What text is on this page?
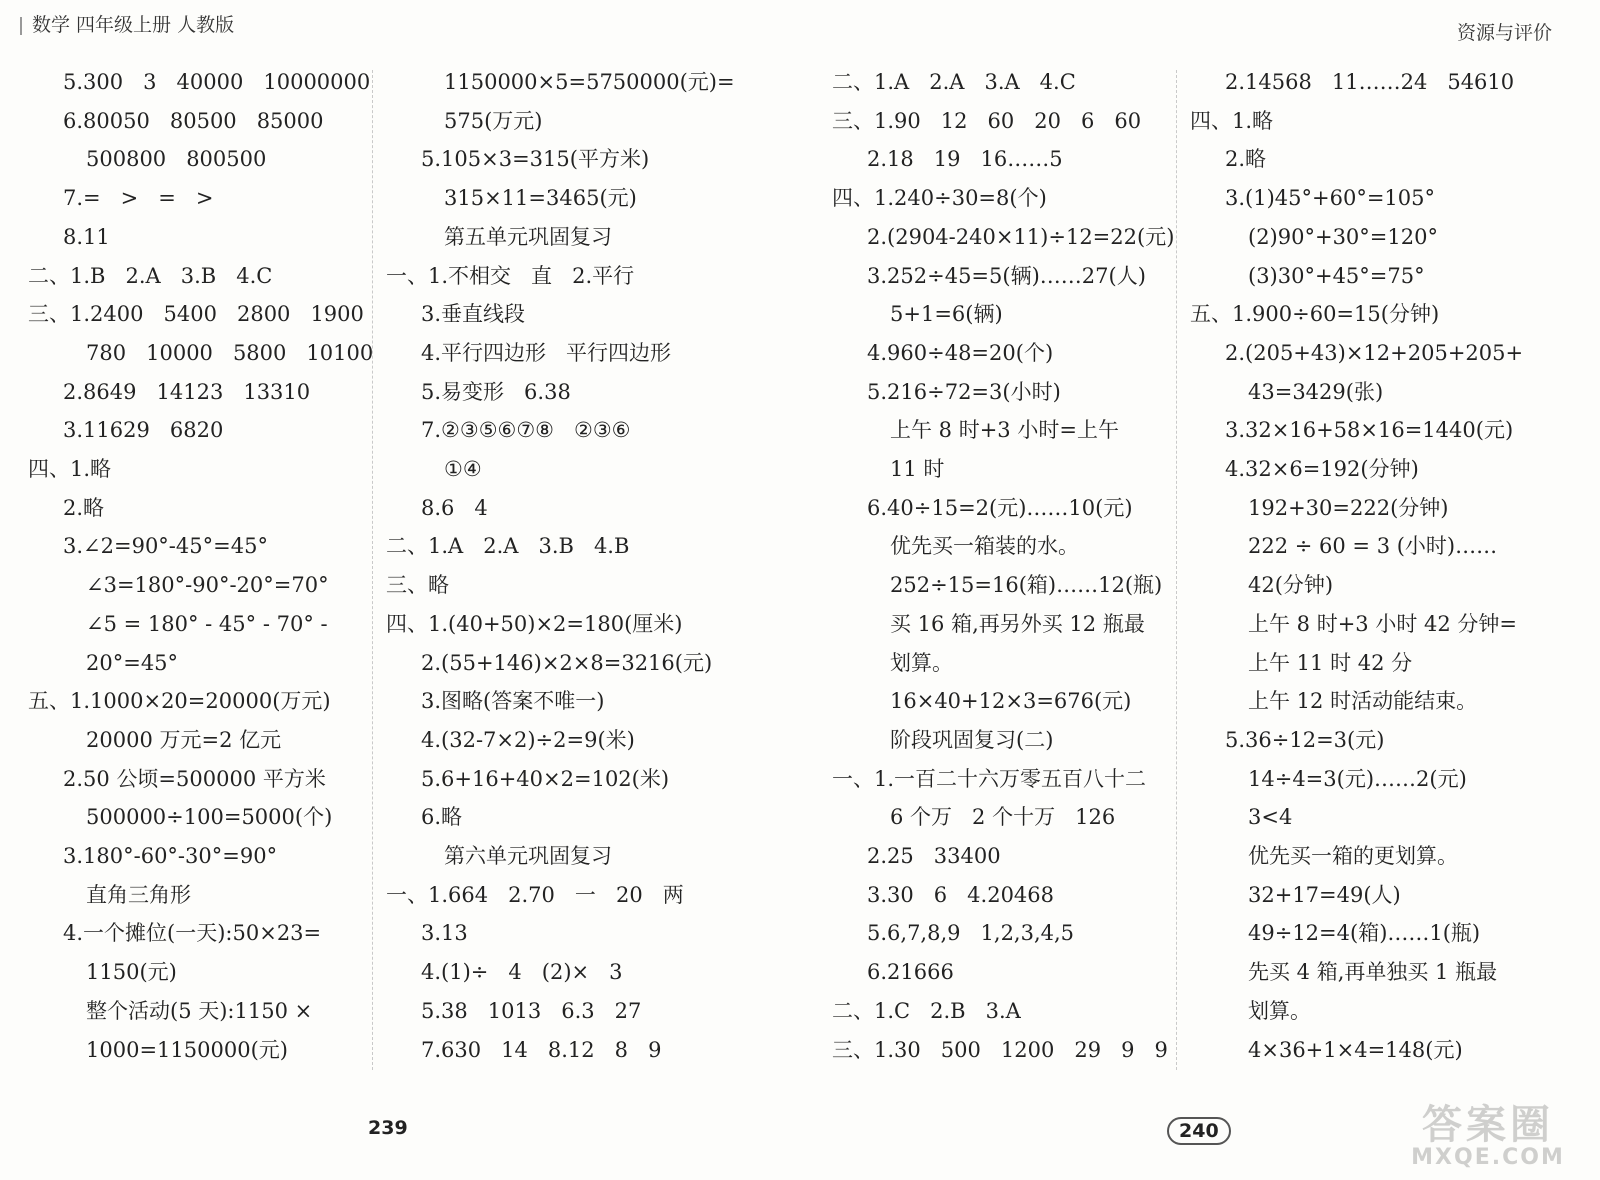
数学 四年级上册 人教版	资源与评价
5.300   3   40000   10000000
6.80050   80500   85000
500800   800500
7.=   >   =   >
8.11
二、1.B   2.A   3.B   4.C
三、1.2400   5400   2800   1900
780   10000   5800   10100
2.8649   14123   13310
3.11629   6820
四、1.略
2.略
3.∠2=90°-45°=45°
∠3=180°-90°-20°=70°
∠5 = 180° - 45° - 70° -
20°=45°
五、1.1000×20=20000(万元)
20000 万元=2 亿元
2.50 公顷=500000 平方米
500000÷100=5000(个)
3.180°-60°-30°=90°
直角三角形
4.一个摊位(一天):50×23=
1150(元)
整个活动(5 天):1150 ×
1000=1150000(元)
1150000×5=5750000(元)=
575(万元)
5.105×3=315(平方米)
315×11=3465(元)
第五单元巩固复习
一、1.不相交   直   2.平行
3.垂直线段
4.平行四边形   平行四边形
5.易变形   6.38
7.②③⑤⑥⑦⑧   ②③⑥
①④
8.6   4
二、1.A   2.A   3.B   4.B
三、略
四、1.(40+50)×2=180(厘米)
2.(55+146)×2×8=3216(元)
3.图略(答案不唯一)
4.(32-7×2)÷2=9(米)
5.6+16+40×2=102(米)
6.略
第六单元巩固复习
一、1.664   2.70   一   20   两
3.13
4.(1)÷   4   (2)×   3
5.38   1013   6.3   27
7.630   14   8.12   8   9
二、1.A   2.A   3.A   4.C
三、1.90   12   60   20   6   60
2.18   19   16……5
四、1.240÷30=8(个)
2.(2904-240×11)÷12=22(元)
3.252÷45=5(辆)……27(人)
5+1=6(辆)
4.960÷48=20(个)
5.216÷72=3(小时)
上午 8 时+3 小时=上午
11 时
6.40÷15=2(元)……10(元)
优先买一箱装的水。
252÷15=16(箱)……12(瓶)
买 16 箱,再另外买 12 瓶最
划算。
16×40+12×3=676(元)
阶段巩固复习(二)
一、1.一百二十六万零五百八十二
6 个万   2 个十万   126
2.25   33400
3.30   6   4.20468
5.6,7,8,9   1,2,3,4,5
6.21666
二、1.C   2.B   3.A
三、1.30   500   1200   29   9   9
2.14568   11……24   54610
四、1.略
2.略
3.(1)45°+60°=105°
(2)90°+30°=120°
(3)30°+45°=75°
五、1.900÷60=15(分钟)
2.(205+43)×12+205+205+
43=3429(张)
3.32×16+58×16=1440(元)
4.32×6=192(分钟)
192+30=222(分钟)
222 ÷ 60 = 3 (小时)……
42(分钟)
上午 8 时+3 小时 42 分钟=
上午 11 时 42 分
上午 12 时活动能结束。
5.36÷12=3(元)
14÷4=3(元)……2(元)
3<4
优先买一箱的更划算。
32+17=49(人)
49÷12=4(箱)……1(瓶)
先买 4 箱,再单独买 1 瓶最
划算。
4×36+1×4=148(元)
239	240	答案圈
MXQE.COM
